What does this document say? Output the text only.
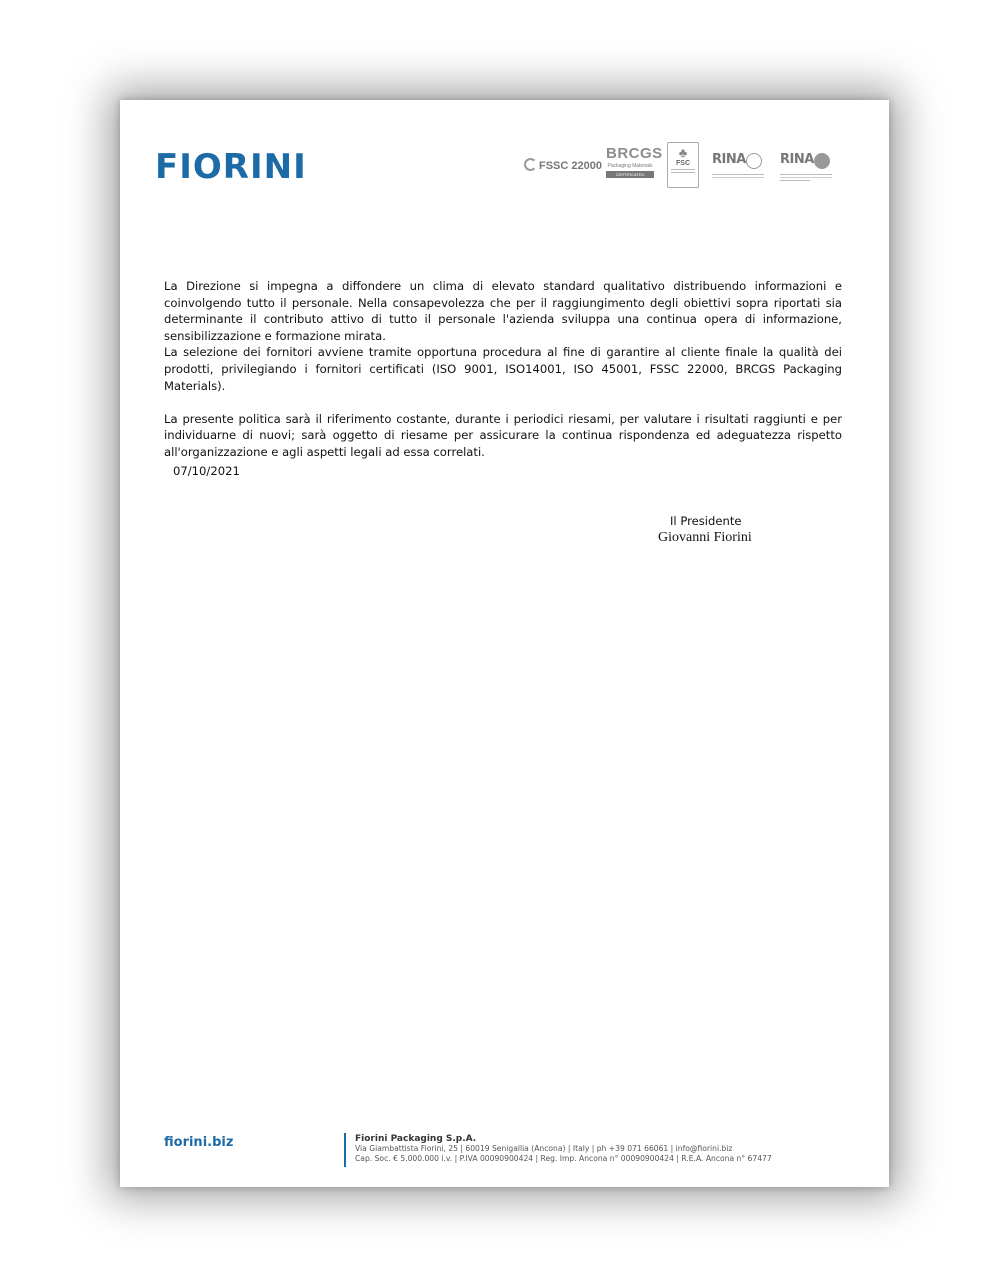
FIORINI	FSSC 22000
BRCGS
Packaging Materials
CERTIFICATED
♣
FSC	RINA	RINA

La Direzione si impegna a diffondere un clima di elevato standard qualitativo distribuendo informazioni e coinvolgendo tutto il personale. Nella consapevolezza che per il raggiungimento degli obiettivi sopra riportati sia determinante il contributo attivo di tutto il personale l'azienda sviluppa una continua opera di informazione, sensibilizzazione e formazione mirata.

La selezione dei fornitori avviene tramite opportuna procedura al fine di garantire al cliente finale la qualità dei prodotti, privilegiando i fornitori certificati (ISO 9001, ISO14001, ISO 45001, FSSC 22000, BRCGS Packaging Materials).

La presente politica sarà il riferimento costante, durante i periodici riesami, per valutare i risultati raggiunti e per individuarne di nuovi; sarà oggetto di riesame per assicurare la continua rispondenza ed adeguatezza rispetto all'organizzazione e agli aspetti legali ad essa correlati.

07/10/2021
Il Presidente
Giovanni Fiorini
fiorini.biz	Fiorini Packaging S.p.A.
Via Giambattista Fiorini, 25 | 60019 Senigallia (Ancona) | Italy | ph +39 071 66061 | info@fiorini.biz
Cap. Soc. € 5.000.000 i.v. | P.IVA 00090900424 | Reg. Imp. Ancona n° 00090900424 | R.E.A. Ancona n° 67477
